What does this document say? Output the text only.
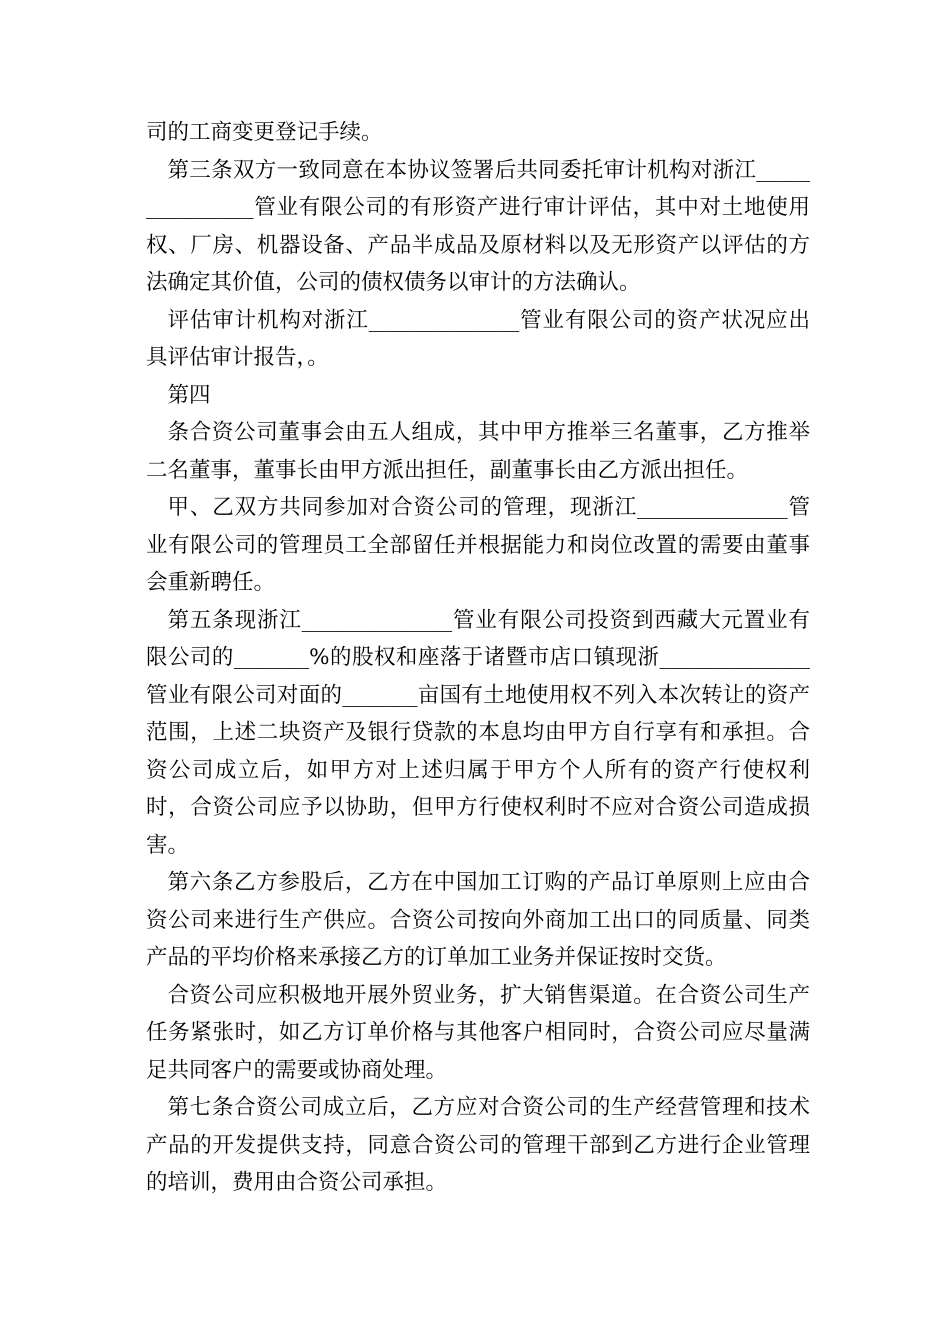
司的工商变更登记手续。

第三条双方一致同意在本协议签署后共同委托审计机构对浙江_______________管业有限公司的有形资产进行审计评估，其中对土地使用权、厂房、机器设备、产品半成品及原材料以及无形资产以评估的方法确定其价值，公司的债权债务以审计的方法确认。

评估审计机构对浙江______________管业有限公司的资产状况应出具评估审计报告，。

第四

条合资公司董事会由五人组成，其中甲方推举三名董事，乙方推举二名董事，董事长由甲方派出担任，副董事长由乙方派出担任。

甲、乙双方共同参加对合资公司的管理，现浙江______________管业有限公司的管理员工全部留任并根据能力和岗位改置的需要由董事会重新聘任。

第五条现浙江______________管业有限公司投资到西藏大元置业有限公司的_______%的股权和座落于诸暨市店口镇现浙______________管业有限公司对面的_______亩国有土地使用权不列入本次转让的资产范围，上述二块资产及银行贷款的本息均由甲方自行享有和承担。合资公司成立后，如甲方对上述归属于甲方个人所有的资产行使权利时，合资公司应予以协助，但甲方行使权利时不应对合资公司造成损害。

第六条乙方参股后，乙方在中国加工订购的产品订单原则上应由合资公司来进行生产供应。合资公司按向外商加工出口的同质量、同类产品的平均价格来承接乙方的订单加工业务并保证按时交货。

合资公司应积极地开展外贸业务，扩大销售渠道。在合资公司生产任务紧张时，如乙方订单价格与其他客户相同时，合资公司应尽量满足共同客户的需要或协商处理。

第七条合资公司成立后，乙方应对合资公司的生产经营管理和技术产品的开发提供支持，同意合资公司的管理干部到乙方进行企业管理的培训，费用由合资公司承担。
